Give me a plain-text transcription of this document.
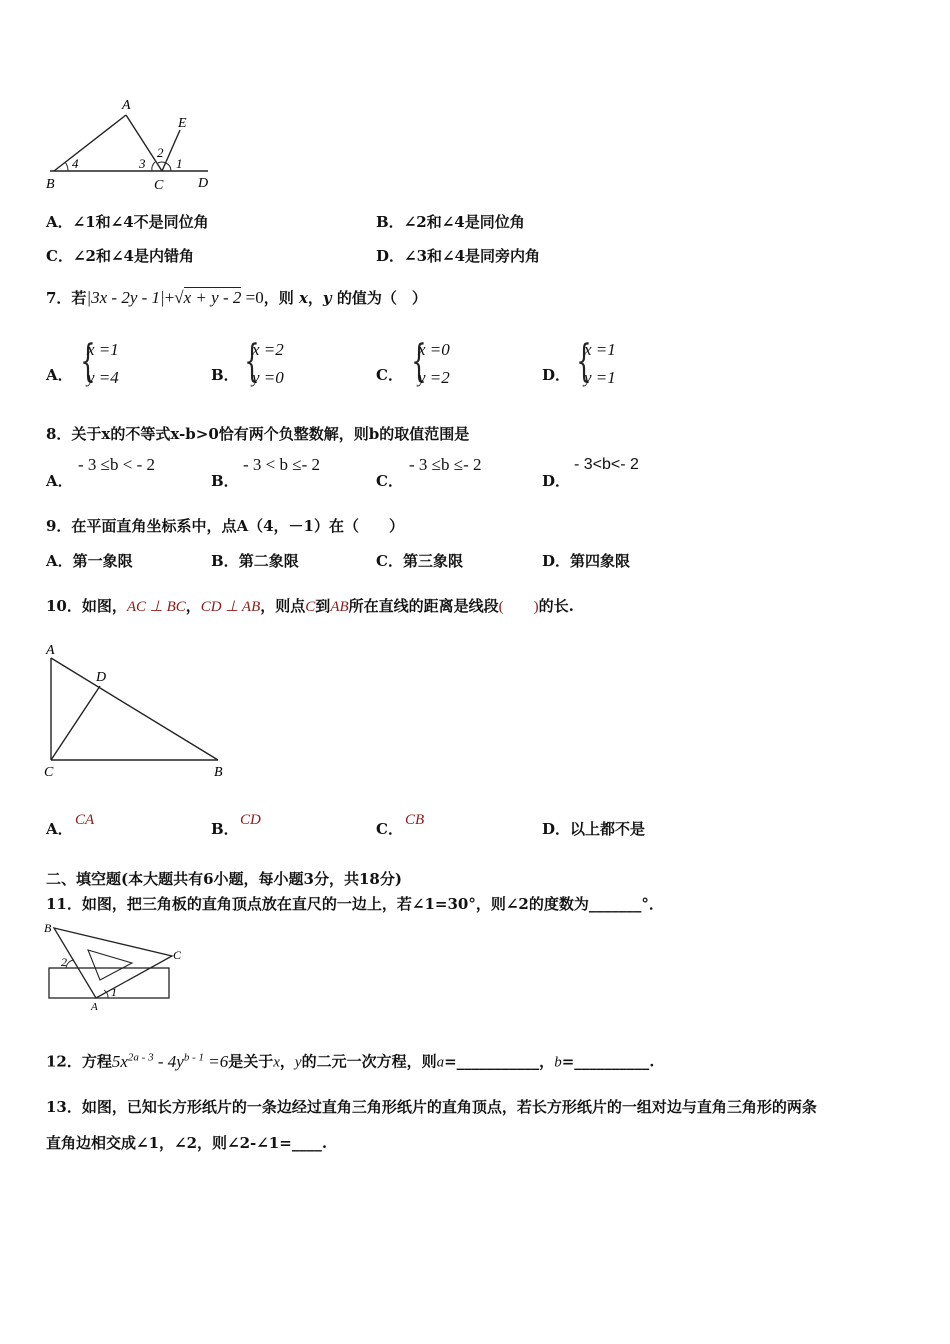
A
E
B	C D
4	3
2
1
A．∠1和∠4不是同位角	B．∠2和∠4是同位角
C．∠2和∠4是内错角	D．∠3和∠4是同旁内角
7．若|3x - 2y - 1|+√x + y - 2 =0，则 x，y 的值为（　）
A． {
x =1
y =4	B． {
x =2
y =0	C． {
x =0
y =2	D． {
x =1
y =1
8．关于x的不等式x-b>0恰有两个负整数解，则b的取值范围是
A．
- 3 ≤b < - 2
B．
- 3 < b ≤- 2
C．
- 3 ≤b ≤- 2
D．
- 3<b<- 2
9．在平面直角坐标系中，点A（4，－1）在（　　）
A．第一象限	B．第二象限	C．第三象限	D．第四象限
10．如图，AC ⊥ BC，CD ⊥ AB，则点C到AB所在直线的距离是线段(　　)的长.
A
D
C	B
A． CA	B． CD	C． CB	D．以上都不是
二、填空题(本大题共有6小题，每小题3分，共18分)
11．如图，把三角板的直角顶点放在直尺的一边上，若∠1=30°，则∠2的度数为_______°．
B
C
A
2
1
12．方程$5x^{2a - 3} - 4y^{b - 1} =6$是关于x，y的二元一次方程，则a=___________，b=__________.
13．如图，已知长方形纸片的一条边经过直角三角形纸片的直角顶点，若长方形纸片的一组对边与直角三角形的两条
直角边相交成∠1，∠2，则∠2-∠1=____.
